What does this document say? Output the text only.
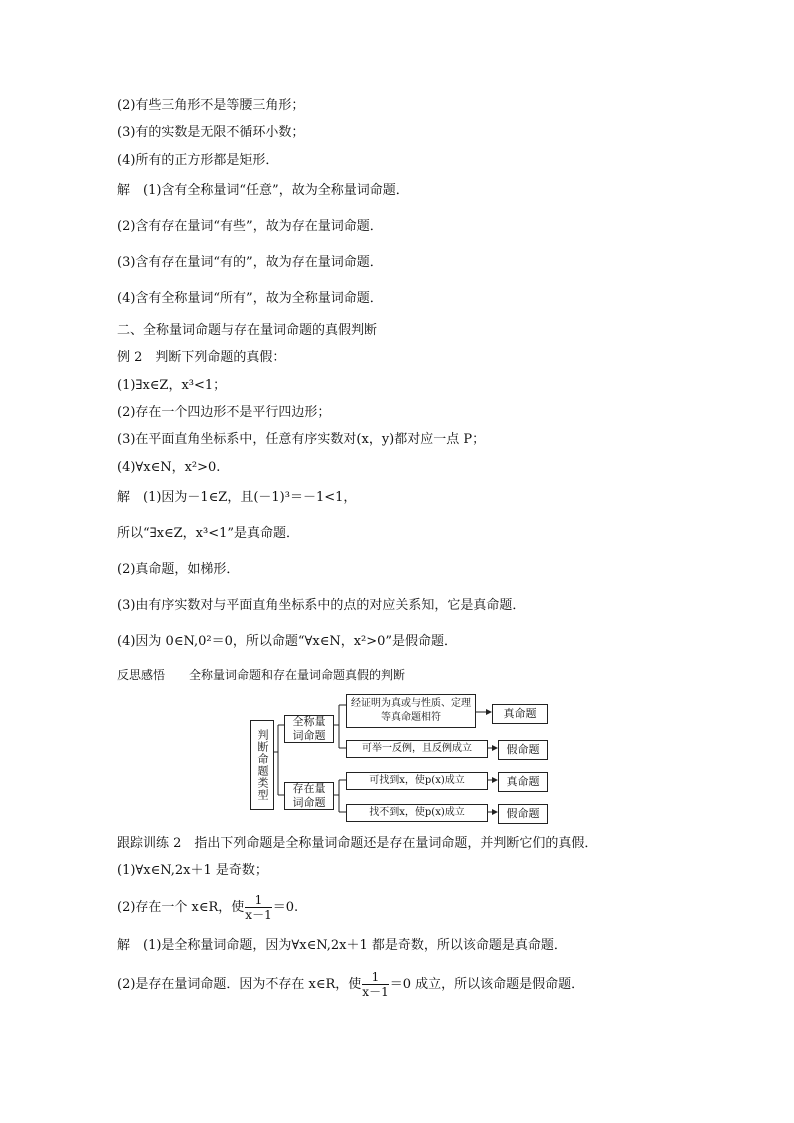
(2)有些三角形不是等腰三角形；
(3)有的实数是无限不循环小数；
(4)所有的正方形都是矩形．
解　(1)含有全称量词“任意”，故为全称量词命题．
(2)含有存在量词“有些”，故为存在量词命题．
(3)含有存在量词“有的”，故为存在量词命题．
(4)含有全称量词“所有”，故为全称量词命题．
二、全称量词命题与存在量词命题的真假判断
例 2　判断下列命题的真假：
(1)∃x∈Z，x³<1；
(2)存在一个四边形不是平行四边形；
(3)在平面直角坐标系中，任意有序实数对(x，y)都对应一点 P；
(4)∀x∈N，x²>0.
解　(1)因为－1∈Z，且(－1)³＝－1<1，
所以“∃x∈Z，x³<1”是真命题．
(2)真命题，如梯形．
(3)由有序实数对与平面直角坐标系中的点的对应关系知，它是真命题．
(4)因为 0∈N,0²＝0，所以命题“∀x∈N，x²>0”是假命题．
反思感悟　　全称量词命题和存在量词命题真假的判断
判断命题类型
全称量词命题
存在量词命题
经证明为真或与性质、定理等真命题相符
可举一反例，且反例成立
可找到x，使p(x)成立
找不到x，使p(x)成立
真命题
假命题
真命题
假命题
跟踪训练 2　指出下列命题是全称量词命题还是存在量词命题，并判断它们的真假．
(1)∀x∈N,2x＋1 是奇数；
(2)存在一个 x∈R，使 $\frac{1}{x-1} =0$.
解　(1)是全称量词命题，因为∀x∈N,2x＋1 都是奇数，所以该命题是真命题．
(2)是存在量词命题．因为不存在 x∈R，使 $\frac{1}{x-1} =0$ 成立，所以该命题是假命题．
